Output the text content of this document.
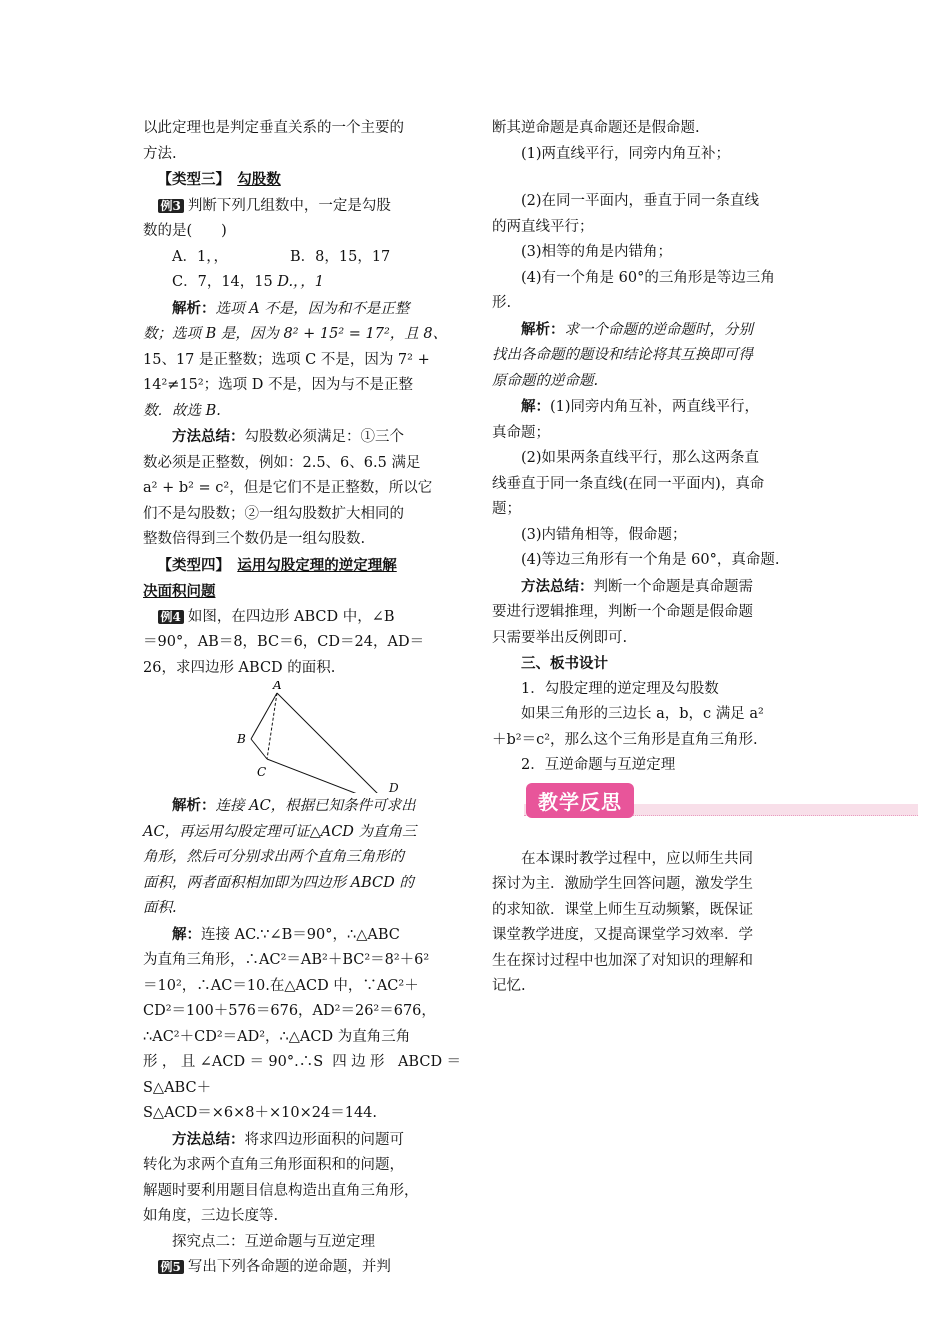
以此定理也是判定垂直关系的一个主要的

方法.

【类型三】　 勾股数

例3 判断下列几组数中，一定是勾股

数的是(　　)

A．1，，	B．8，15，17

C．7，14，15 D.，，1

解析：选项 A 不是，因为和不是正整

数；选项 B 是，因为 8² + 15² = 17²，且 8、

15、17 是正整数；选项 C 不是，因为 7² +

14²≠15²；选项 D 不是，因为与不是正整

数．故选 B.

方法总结：勾股数必须满足：①三个

数必须是正整数，例如：2.5、6、6.5 满足

a² + b² = c²，但是它们不是正整数，所以它

们不是勾股数；②一组勾股数扩大相同的

整数倍得到三个数仍是一组勾股数.

【类型四】　 运用勾股定理的逆定理解

决面积问题

例4 如图，在四边形 ABCD 中，∠B

＝90°，AB＝8，BC＝6，CD＝24，AD＝

26，求四边形 ABCD 的面积.

A
B
C
D

解析：连接 AC，根据已知条件可求出

AC，再运用勾股定理可证△ACD 为直角三

角形，然后可分别求出两个直角三角形的

面积，两者面积相加即为四边形 ABCD 的

面积.

解：连接 AC.∵∠B＝90°，∴△ABC

为直角三角形，∴AC²＝AB²＋BC²＝8²＋6²

＝10²，∴AC＝10.在△ACD 中，∵AC²＋

CD²＝100＋576＝676，AD²＝26²＝676，

∴AC²＋CD²＝AD²，∴△ACD 为直角三角

形，且∠ACD＝90°.∴S 四边形 ABCD＝S△ABC＋

S△ACD＝×6×8＋×10×24＝144.

方法总结：将求四边形面积的问题可

转化为求两个直角三角形面积和的问题，

解题时要利用题目信息构造出直角三角形，

如角度，三边长度等.

探究点二：互逆命题与互逆定理

例5 写出下列各命题的逆命题，并判

断其逆命题是真命题还是假命题.

(1)两直线平行，同旁内角互补；

(2)在同一平面内，垂直于同一条直线

的两直线平行；

(3)相等的角是内错角；

(4)有一个角是 60°的三角形是等边三角

形.

解析：求一个命题的逆命题时，分别

找出各命题的题设和结论将其互换即可得

原命题的逆命题.

解：(1)同旁内角互补，两直线平行，

真命题；

(2)如果两条直线平行，那么这两条直

线垂直于同一条直线(在同一平面内)，真命

题；

(3)内错角相等，假命题；

(4)等边三角形有一个角是 60°，真命题.

方法总结：判断一个命题是真命题需

要进行逻辑推理，判断一个命题是假命题

只需要举出反例即可.

三、板书设计

1．勾股定理的逆定理及勾股数

如果三角形的三边长 a，b，c 满足 a²

＋b²＝c²，那么这个三角形是直角三角形.

2．互逆命题与互逆定理

教学反思

在本课时教学过程中，应以师生共同

探讨为主．激励学生回答问题，激发学生

的求知欲．课堂上师生互动频繁，既保证

课堂教学进度，又提高课堂学习效率．学

生在探讨过程中也加深了对知识的理解和

记忆.
